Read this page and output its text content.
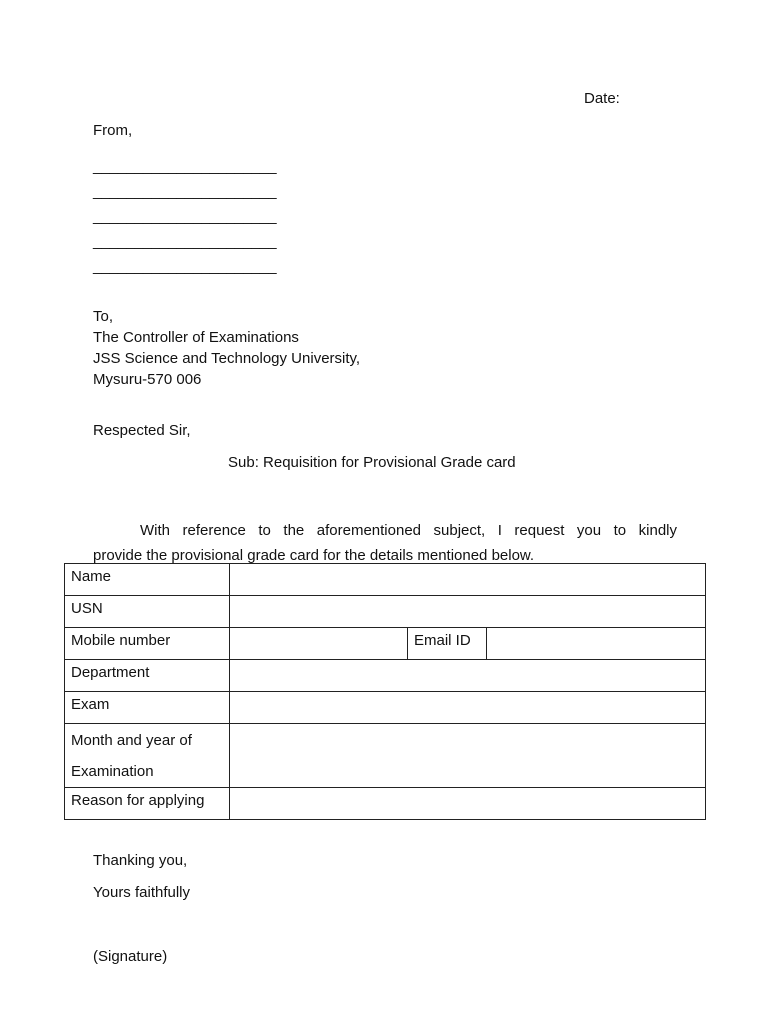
Date:
From,
______________________
______________________
______________________
______________________
______________________
To,
The Controller of Examinations
JSS Science and Technology University,
Mysuru-570 006
Respected Sir,
Sub: Requisition for Provisional Grade card
With reference to the aforementioned subject, I request you to kindly
provide the provisional grade card for the details mentioned below.
Name			
USN			
Mobile number		Email ID	
Department			
Exam			

Month and year of
Examination			

Reason for applying			
Thanking you,
Yours faithfully
(Signature)
